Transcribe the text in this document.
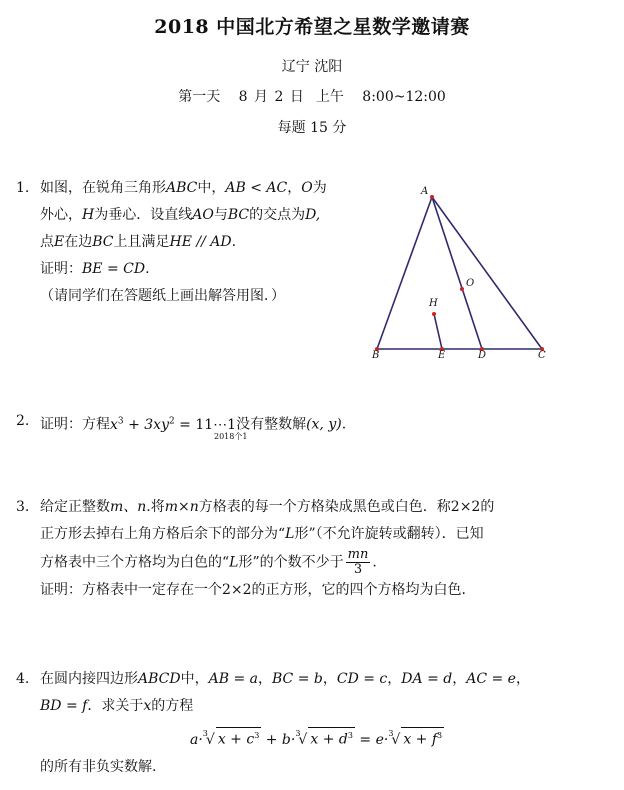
2018 中国北方希望之星数学邀请赛
辽宁 沈阳
第一天 8 月 2 日 上午 8:00~12:00
每题 15 分
1. 如图，在锐角三角形ABC中，AB < AC，O为
外心，H为垂心．设直线AO与BC的交点为D,
点E在边BC上且满足HE // AD.
证明：BE = CD.
（请同学们在答题纸上画出解答用图．）
A
B	C
D
E
H
O
2. 证明：方程$x^3 + 3xy^2$ = 11⋯1没有整数解(x, y).
2018个1
3. 给定正整数m、n.将m×n方格表的每一个方格染成黑色或白色．称2×2的
正方形去掉右上角方格后余下的部分为“L形”（不允许旋转或翻转）．已知
方格表中三个方格均为白色的“L形”的个数不少于 $\frac{mn}{3}$ .
证明：方格表中一定存在一个2×2的正方形，它的四个方格均为白色．
4. 在圆内接四边形ABCD中，AB = a，BC = b，CD = c，DA = d，AC = e，
BD = f．求关于x的方程
a·$^3$√ $x + c^3 + b\cdot^3√$ $x + d^3 = e\cdot^3√$ $x + f^3$
的所有非负实数解.
